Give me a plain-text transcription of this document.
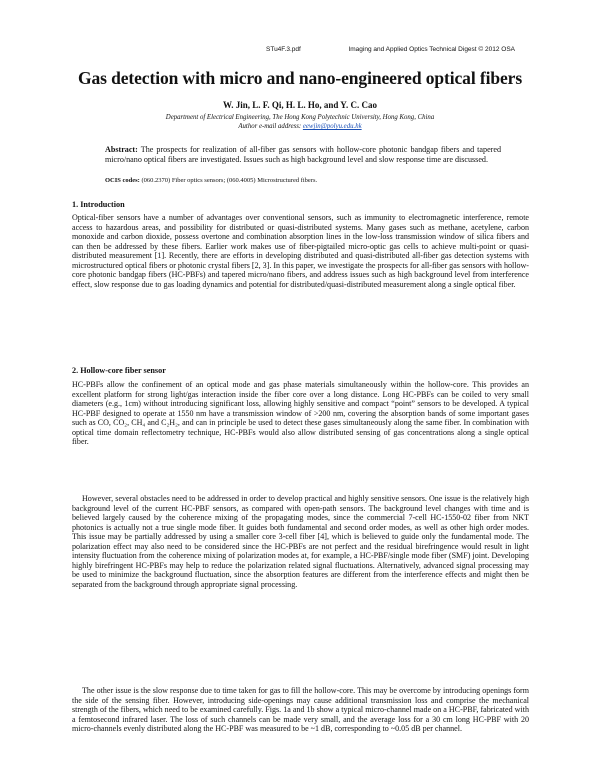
STu4F.3.pdf	Imaging and Applied Optics Technical Digest © 2012 OSA
Gas detection with micro and nano-engineered optical fibers
W. Jin, L. F. Qi, H. L. Ho, and Y. C. Cao
Department of Electrical Engineering, The Hong Kong Polytechnic University, Hong Kong, China
Author e-mail address: eewjin@polyu.edu.hk
Abstract: The prospects for realization of all-fiber gas sensors with hollow-core photonic bandgap fibers and tapered micro/nano optical fibers are investigated. Issues such as high background level and slow response time are discussed.
OCIS codes: (060.2370) Fiber optics sensors; (060.4005) Microstructured fibers.
1. Introduction

Optical-fiber sensors have a number of advantages over conventional sensors, such as immunity to electromagnetic interference, remote access to hazardous areas, and possibility for distributed or quasi-distributed systems. Many gases such as methane, acetylene, carbon monoxide and carbon dioxide, possess overtone and combination absorption lines in the low-loss transmission window of silica fibers and can then be addressed by these fibers. Earlier work makes use of fiber-pigtailed micro-optic gas cells to achieve multi-point or quasi-distributed measurement [1]. Recently, there are efforts in developing distributed and quasi-distributed all-fiber gas detection systems with microstructured optical fibers or photonic crystal fibers [2, 3]. In this paper, we investigate the prospects for all-fiber gas sensors with hollow-core photonic bandgap fibers (HC-PBFs) and tapered micro/nano fibers, and address issues such as high background level from interference effect, slow response due to gas loading dynamics and potential for distributed/quasi-distributed measurement along a single optical fiber.

2. Hollow-core fiber sensor

HC-PBFs allow the confinement of an optical mode and gas phase materials simultaneously within the hollow-core. This provides an excellent platform for strong light/gas interaction inside the fiber core over a long distance. Long HC-PBFs can be coiled to very small diameters (e.g., 1cm) without introducing significant loss, allowing highly sensitive and compact “point” sensors to be developed. A typical HC-PBF designed to operate at 1550 nm have a transmission window of >200 nm, covering the absorption bands of some important gases such as CO, CO₂, CH₄ and C₂H₂, and can in principle be used to detect these gases simultaneously along the same fiber. In combination with optical time domain reflectometry technique, HC-PBFs would also allow distributed sensing of gas concentrations along a single optical fiber.

However, several obstacles need to be addressed in order to develop practical and highly sensitive sensors. One issue is the relatively high background level of the current HC-PBF sensors, as compared with open-path sensors. The background level changes with time and is believed largely caused by the coherence mixing of the propagating modes, since the commercial 7-cell HC-1550-02 fiber from NKT photonics is actually not a true single mode fiber. It guides both fundamental and second order modes, as well as other high order modes. This issue may be partially addressed by using a smaller core 3-cell fiber [4], which is believed to guide only the fundamental mode. The polarization effect may also need to be considered since the HC-PBFs are not perfect and the residual birefringence would result in light intensity fluctuation from the coherence mixing of polarization modes at, for example, a HC-PBF/single mode fiber (SMF) joint. Developing highly birefringent HC-PBFs may help to reduce the polarization related signal fluctuations. Alternatively, advanced signal processing may be used to minimize the background fluctuation, since the absorption features are different from the interference effects and might then be separated from the background through appropriate signal processing.

The other issue is the slow response due to time taken for gas to fill the hollow-core. This may be overcome by introducing openings form the side of the sensing fiber. However, introducing side-openings may cause additional transmission loss and comprise the mechanical strength of the fibers, which need to be examined carefully. Figs. 1a and 1b show a typical micro-channel made on a HC-PBF, fabricated with a femtosecond infrared laser. The loss of such channels can be made very small, and the average loss for a 30 cm long HC-PBF with 20 micro-channels evenly distributed along the HC-PBF was measured to be ~1 dB, corresponding to ~0.05 dB per channel.
